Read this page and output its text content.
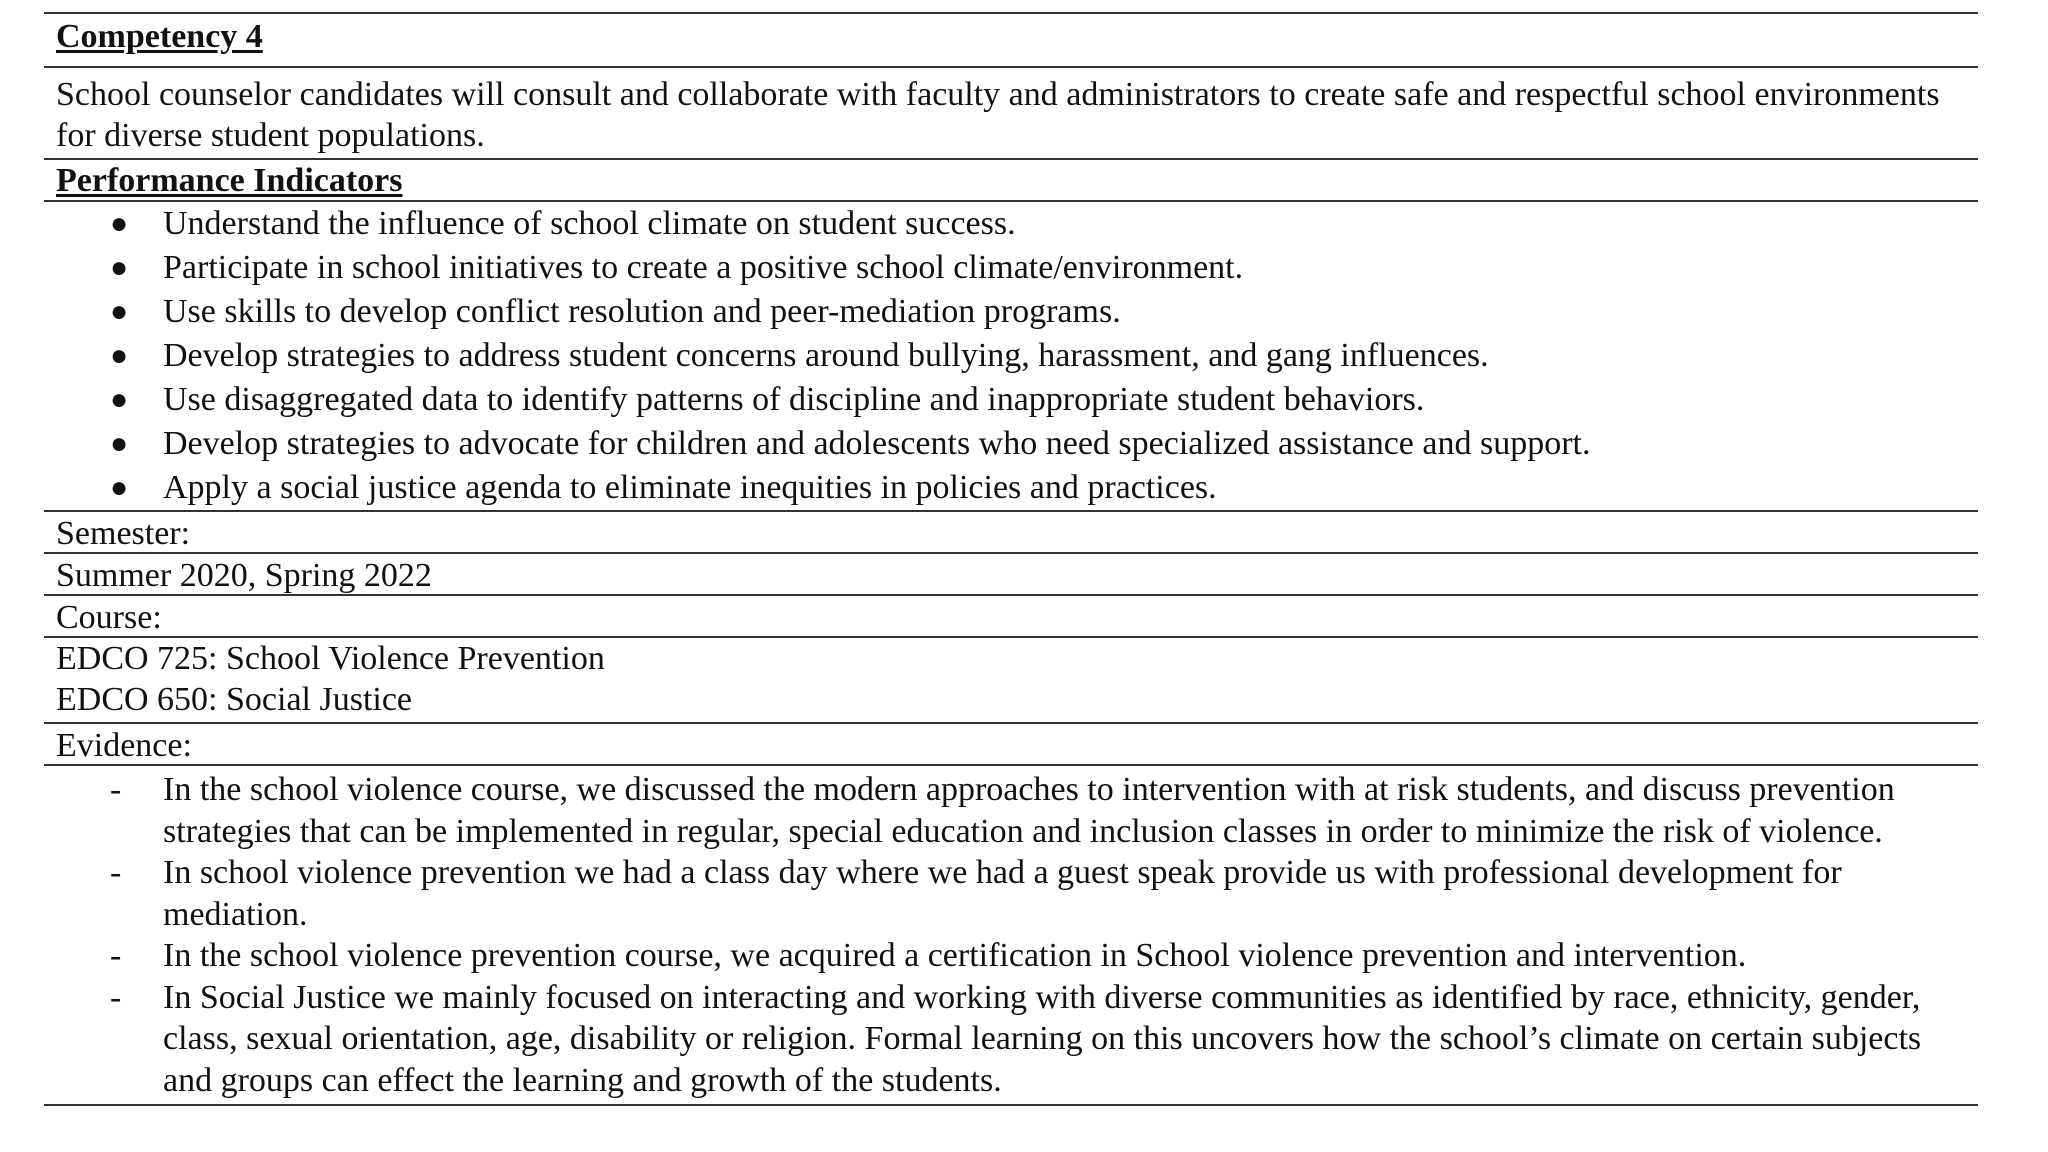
Competency 4
School counselor candidates will consult and collaborate with faculty and administrators to create safe and respectful school environments for diverse student populations.
Performance Indicators
● Understand the influence of school climate on student success.
● Participate in school initiatives to create a positive school climate/environment.
● Use skills to develop conflict resolution and peer-mediation programs.
● Develop strategies to address student concerns around bullying, harassment, and gang influences.
● Use disaggregated data to identify patterns of discipline and inappropriate student behaviors.
● Develop strategies to advocate for children and adolescents who need specialized assistance and support.
● Apply a social justice agenda to eliminate inequities in policies and practices.
Semester:
Summer 2020, Spring 2022
Course:
EDCO 725: School Violence Prevention
EDCO 650: Social Justice
Evidence:
- In the school violence course, we discussed the modern approaches to intervention with at risk students, and discuss prevention strategies that can be implemented in regular, special education and inclusion classes in order to minimize the risk of violence.
- In school violence prevention we had a class day where we had a guest speak provide us with professional development for mediation.
- In the school violence prevention course, we acquired a certification in School violence prevention and intervention.
- In Social Justice we mainly focused on interacting and working with diverse communities as identified by race, ethnicity, gender, class, sexual orientation, age, disability or religion. Formal learning on this uncovers how the school’s climate on certain subjects and groups can effect the learning and growth of the students.
